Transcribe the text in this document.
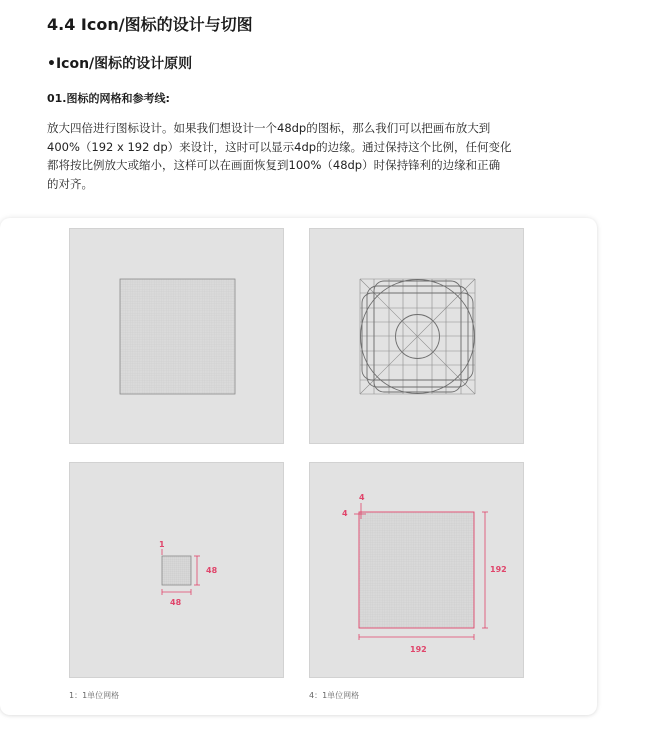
4.4 Icon/图标的设计与切图
•Icon/图标的设计原则
01.图标的网格和参考线:
放大四倍进行图标设计。如果我们想设计一个48dp的图标，那么我们可以把画布放大到
400%（192 x 192 dp）来设计，这时可以显示4dp的边缘。通过保持这个比例，任何变化
都将按比例放大或缩小，这样可以在画面恢复到100%（48dp）时保持锋利的边缘和正确
的对齐。
1
48
48
4
4
192
192
1：1单位网格	4：1单位网格
